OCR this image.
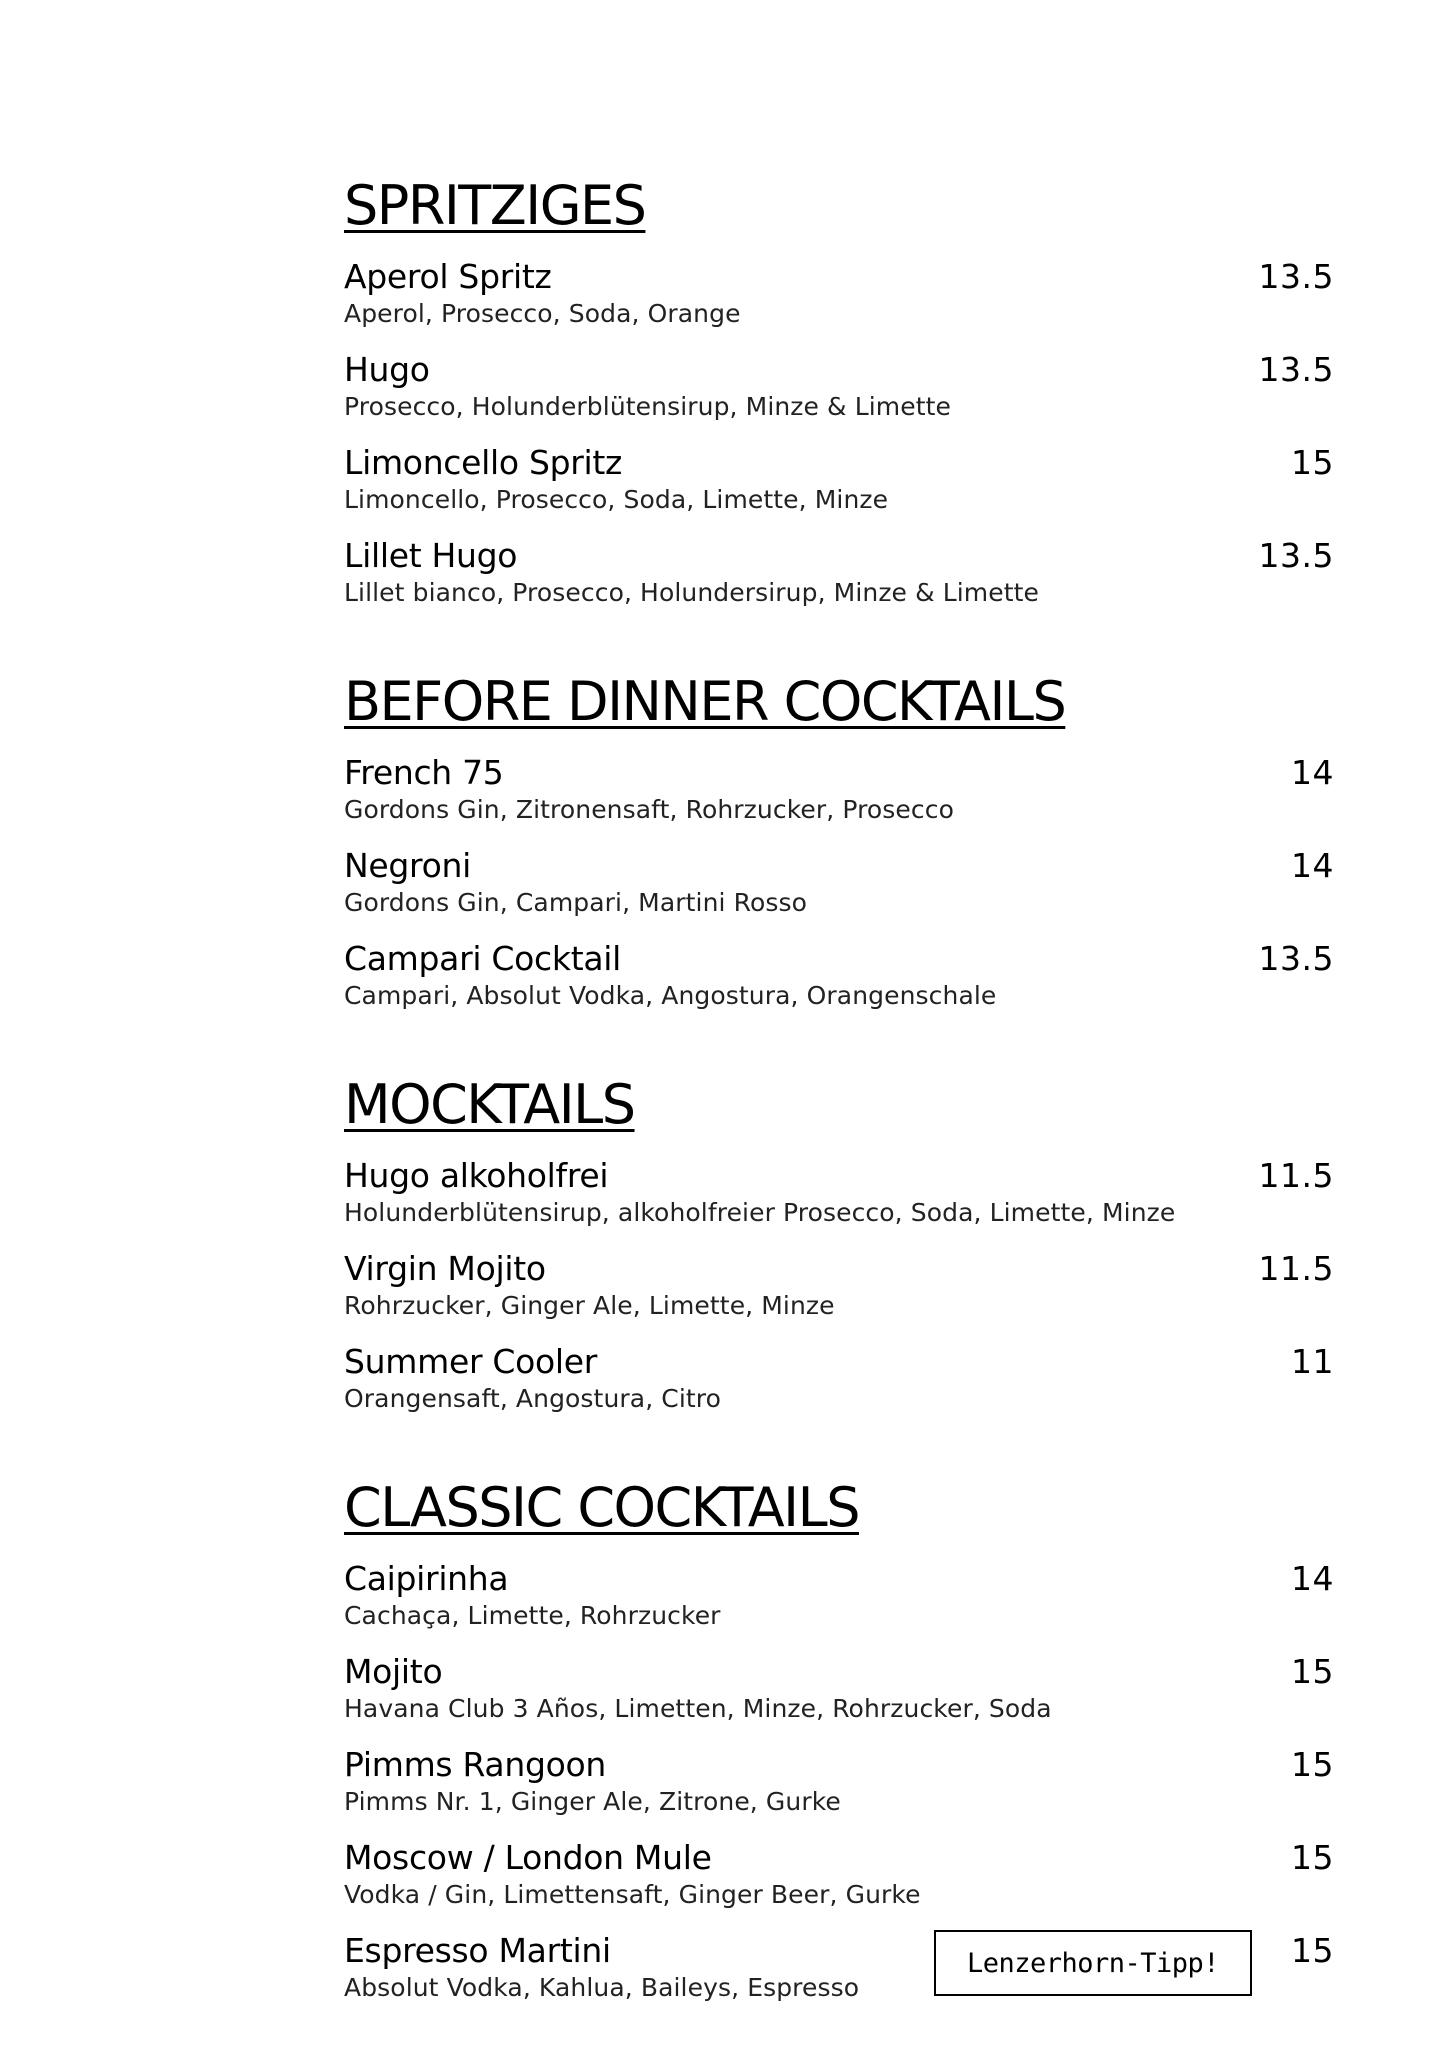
SPRITZIGES
Aperol Spritz	13.5
Aperol, Prosecco, Soda, Orange
Hugo	13.5
Prosecco, Holunderblütensirup, Minze & Limette
Limoncello Spritz	15
Limoncello, Prosecco, Soda, Limette, Minze
Lillet Hugo	13.5
Lillet bianco, Prosecco, Holundersirup, Minze & Limette
BEFORE DINNER COCKTAILS
French 75	14
Gordons Gin, Zitronensaft, Rohrzucker, Prosecco
Negroni	14
Gordons Gin, Campari, Martini Rosso
Campari Cocktail	13.5
Campari, Absolut Vodka, Angostura, Orangenschale
MOCKTAILS
Hugo alkoholfrei	11.5
Holunderblütensirup, alkoholfreier Prosecco, Soda, Limette, Minze
Virgin Mojito	11.5
Rohrzucker, Ginger Ale, Limette, Minze
Summer Cooler	11
Orangensaft, Angostura, Citro
CLASSIC COCKTAILS
Caipirinha	14
Cachaça, Limette, Rohrzucker
Mojito	15
Havana Club 3 Años, Limetten, Minze, Rohrzucker, Soda
Pimms Rangoon	15
Pimms Nr. 1, Ginger Ale, Zitrone, Gurke
Moscow / London Mule	15
Vodka / Gin, Limettensaft, Ginger Beer, Gurke
Espresso Martini	15
Absolut Vodka, Kahlua, Baileys, Espresso
Lenzerhorn-Tipp!
